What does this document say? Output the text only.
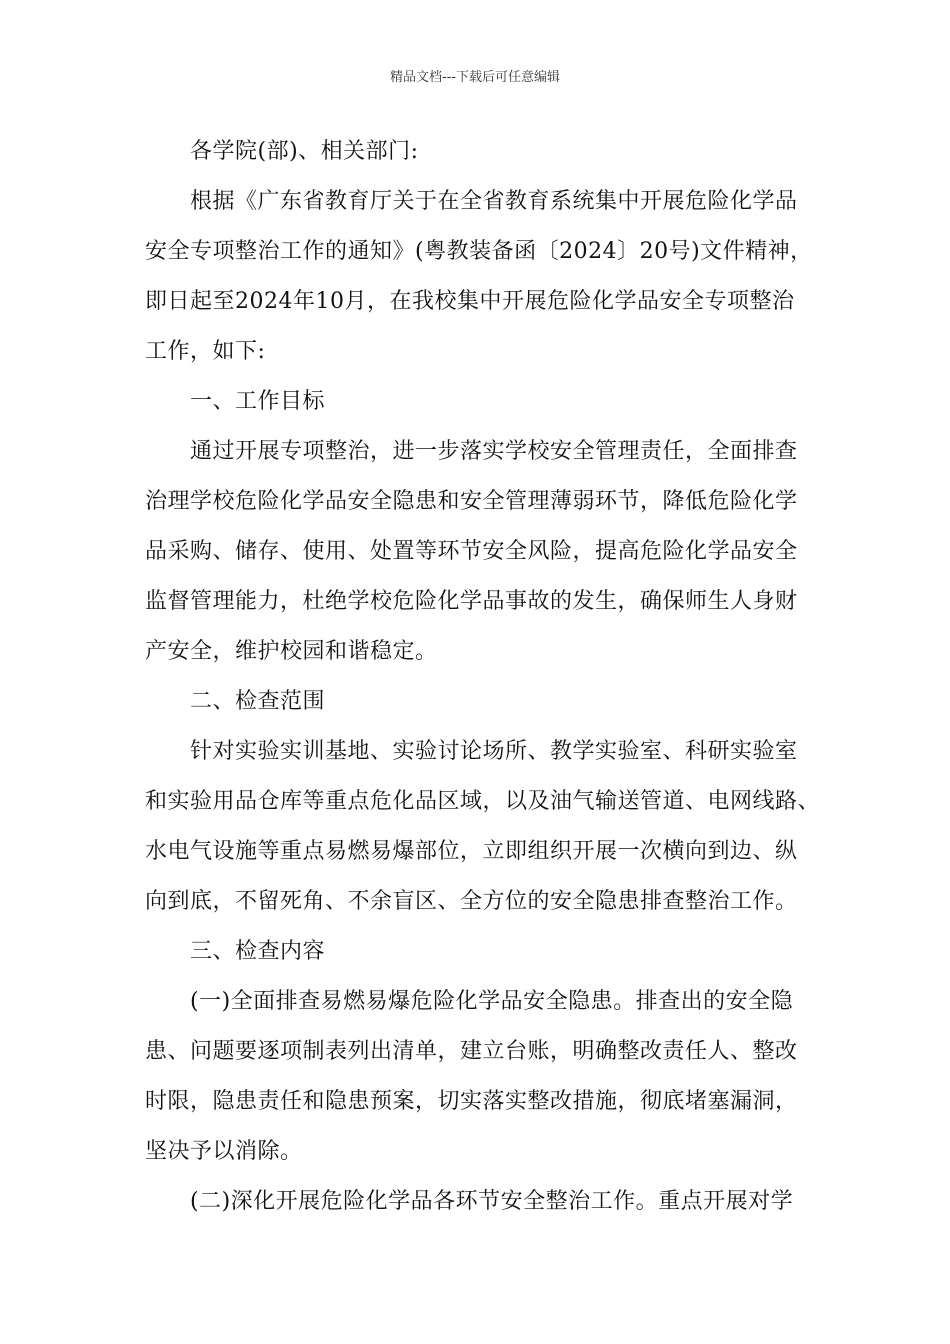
精品文档---下载后可任意编辑
各学院(部)、相关部门:
根据《广东省教育厅关于在全省教育系统集中开展危险化学品
安全专项整治工作的通知》(粤教装备函〔2024〕20号)文件精神，
即日起至2024年10月，在我校集中开展危险化学品安全专项整治
工作，如下:
一、工作目标
通过开展专项整治，进一步落实学校安全管理责任，全面排查
治理学校危险化学品安全隐患和安全管理薄弱环节，降低危险化学
品采购、储存、使用、处置等环节安全风险，提高危险化学品安全
监督管理能力，杜绝学校危险化学品事故的发生，确保师生人身财
产安全，维护校园和谐稳定。
二、检查范围
针对实验实训基地、实验讨论场所、教学实验室、科研实验室
和实验用品仓库等重点危化品区域，以及油气输送管道、电网线路、
水电气设施等重点易燃易爆部位，立即组织开展一次横向到边、纵
向到底，不留死角、不余盲区、全方位的安全隐患排查整治工作。
三、检查内容
(一)全面排查易燃易爆危险化学品安全隐患。排查出的安全隐
患、问题要逐项制表列出清单，建立台账，明确整改责任人、整改
时限，隐患责任和隐患预案，切实落实整改措施，彻底堵塞漏洞，
坚决予以消除。
(二)深化开展危险化学品各环节安全整治工作。重点开展对学
